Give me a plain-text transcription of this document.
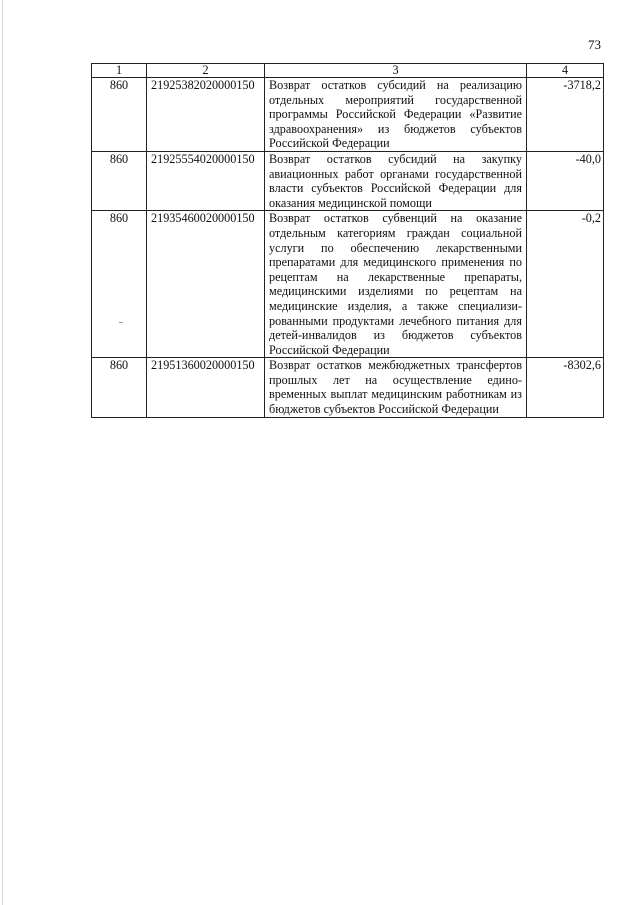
73
1	2	3	4
860	21925382020000150	Возврат остатков субсидий на реализацию отдельных мероприятий государственной программы Российской Федерации «Развитие здравоохранения» из бюджетов субъектов Российской Федерации	-3718,2
860	21925554020000150	Возврат остатков субсидий на закупку авиационных работ органами государственной власти субъектов Российской Федерации для оказания медицинской помощи	-40,0
860	21935460020000150	Возврат остатков субвенций на оказание отдельным категориям граждан социальной услуги по обеспечению лекарственными препаратами для медицинского применения по рецептам на лекарственные препараты, медицинскими изделиями по рецептам на медицинские изделия, а также специализированными продуктами лечебного питания для детей-инвалидов из бюджетов субъектов Российской Федерации	-0,2
860	21951360020000150	Возврат остатков межбюджетных трансфертов прошлых лет на осуществление единовременных выплат медицинским работникам из бюджетов субъектов Российской Федерации	-8302,6
